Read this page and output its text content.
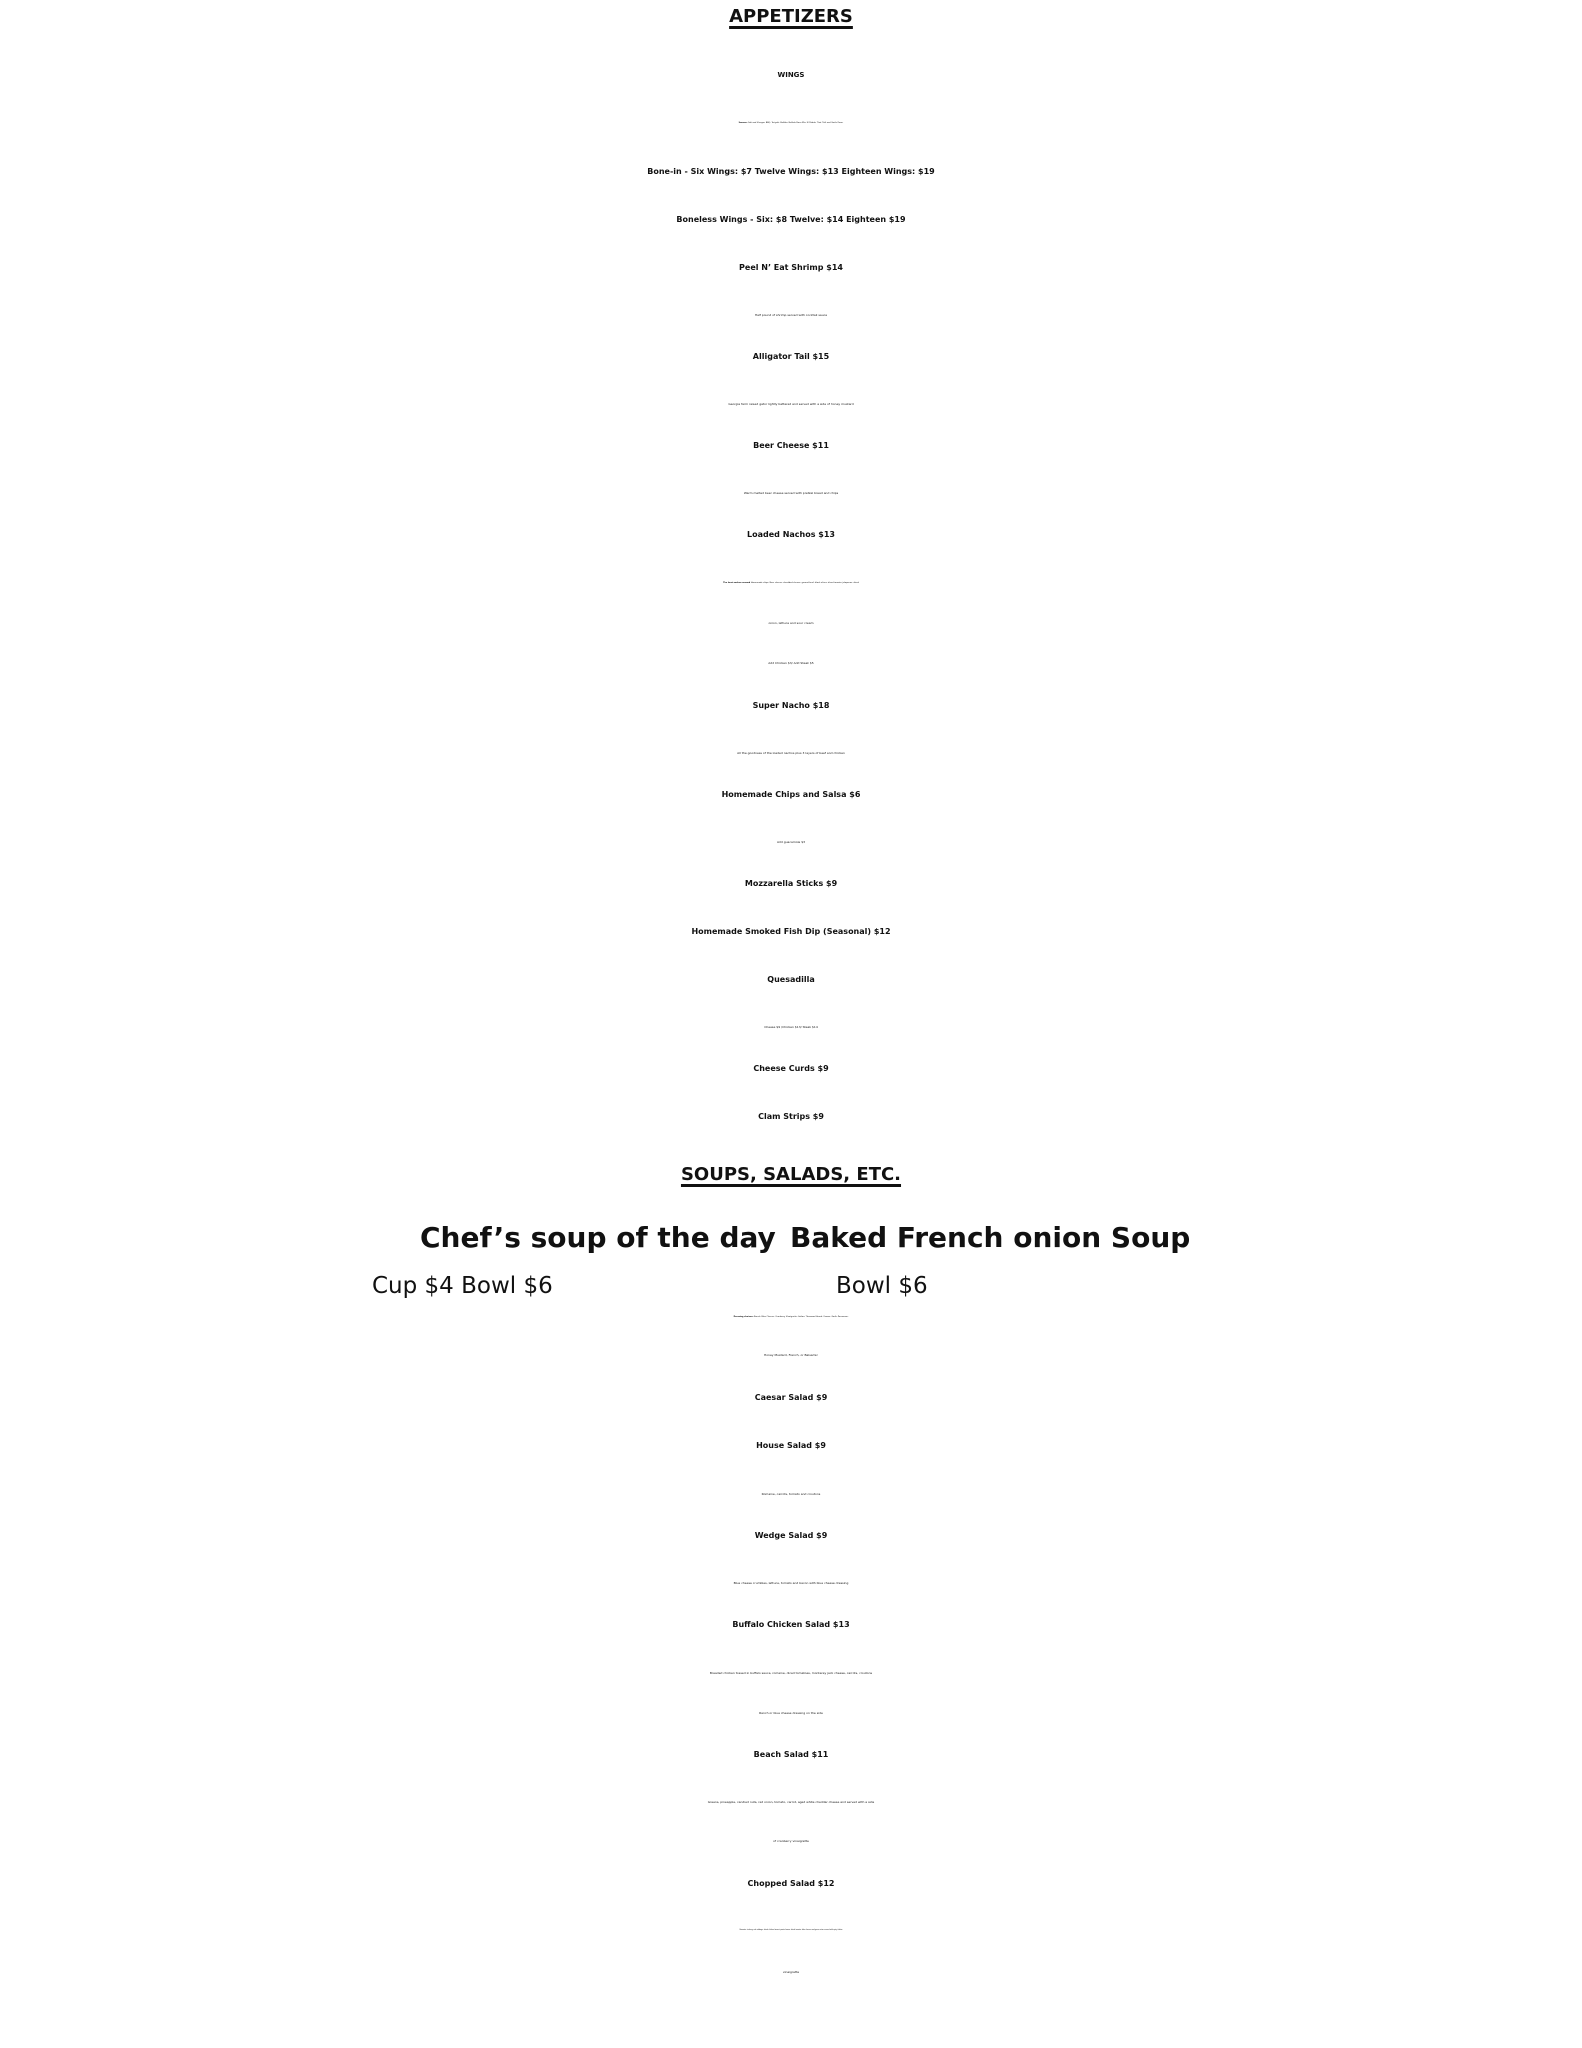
APPETIZERS
WINGS
Sauces: Salt and Vinegar, BBQ, Teriyaki, Buffalo, Buffalo Parm Mix, El Diablo, Thai Chili and Garlic Parm.
Bone-in - Six Wings: $7 Twelve Wings: $13 Eighteen Wings: $19
Boneless Wings - Six: $8 Twelve: $14 Eighteen $19
Peel N’ Eat Shrimp $14
Half pound of shrimp served with cocktail sauce
Alligator Tail $15
Georgia farm raised gator lightly battered and served with a side of honey mustard
Beer Cheese $11
Warm melted beer cheese served with pretzel bread and chips
Loaded Nachos $13
The best nachos around Homemade chips, Beer cheese, shredded cheese, ground beef, black olives, diced tomato, jalapenos, diced
onion, lettuce and sour cream
Add Chicken $3/ Add Steak $5
Super Nacho $18
All the goodness of the loaded nachos plus 3 layers of beef and chicken
Homemade Chips and Salsa $6
Add guacamole $3
Mozzarella Sticks $9
Homemade Smoked Fish Dip (Seasonal) $12
Quesadilla
Cheese $9 /Chicken $13/ Steak $14
Cheese Curds $9
Clam Strips $9
SOUPS, SALADS, ETC.
Chef’s soup of the day Baked French onion Soup
Cup $4 Bowl $6	Bowl $6
Dressing choices: Ranch, Blue Cheese, Cranberry Vinaigrette, Italian, Thousand Island, Caesar, Garlic Parmesan,
Honey Mustard, French, or Balsamic
Caesar Salad $9
House Salad $9
Romaine, carrots, tomato and croutons
Wedge Salad $9
Blue cheese crumbles, lettuce, tomato and bacon with blue cheese dressing
Buffalo Chicken Salad $13
Breaded chicken tossed in buffalo sauce, romaine, diced tomatoes, monterey jack cheese, carrots, croutons
Ranch or blue cheese dressing on the side
Beach Salad $11
Greens, pineapple, candied nuts, red onion, tomato, carrot, aged white cheddar cheese and served with a side
of cranberry vinaigrette
Chopped Salad $12
Romaine, iceberg, red cabbage, diced chicken breast, pasta, bacon, diced tomato, blue cheese and green onion served with spicy italian
vinaigrette
